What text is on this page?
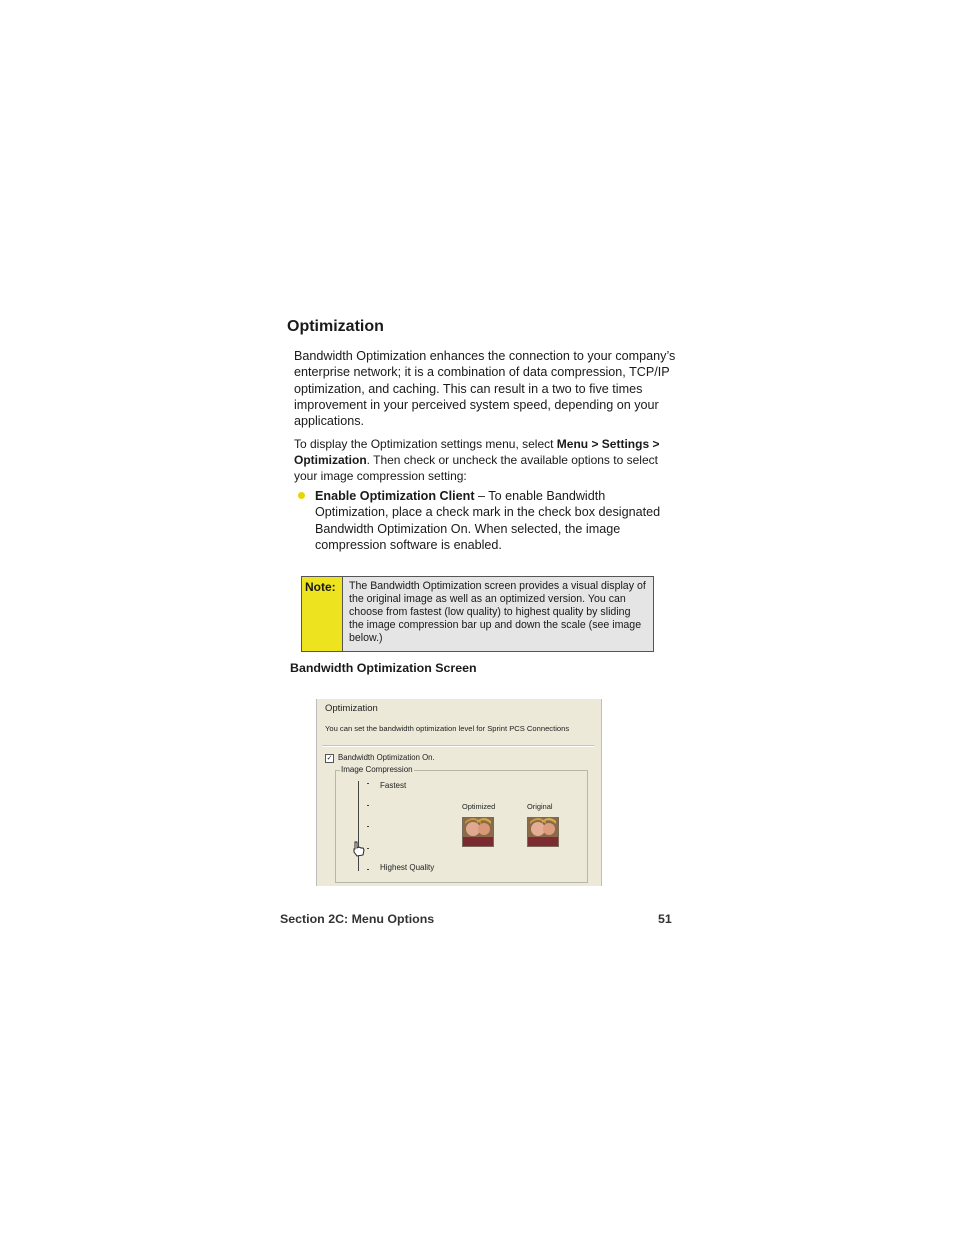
Optimization
Bandwidth Optimization enhances the connection to your company’s enterprise network; it is a combination of data compression, TCP/IP optimization, and caching. This can result in a two to five times improvement in your perceived system speed, depending on your applications.
To display the Optimization settings menu, select Menu > Settings > Optimization. Then check or uncheck the available options to select your image compression setting:
Enable Optimization Client – To enable Bandwidth Optimization, place a check mark in the check box designated Bandwidth Optimization On. When selected, the image compression software is enabled.
Note:	The Bandwidth Optimization screen provides a visual display of the original image as well as an optimized version. You can choose from fastest (low quality) to highest quality by sliding the image compression bar up and down the scale (see image below.)
Bandwidth Optimization Screen
Optimization
You can set the bandwidth optimization level for Sprint PCS Connections
✓ Bandwidth Optimization On.
Image Compression
Fastest
Highest Quality
Optimized	Original
Section 2C: Menu Options	51
